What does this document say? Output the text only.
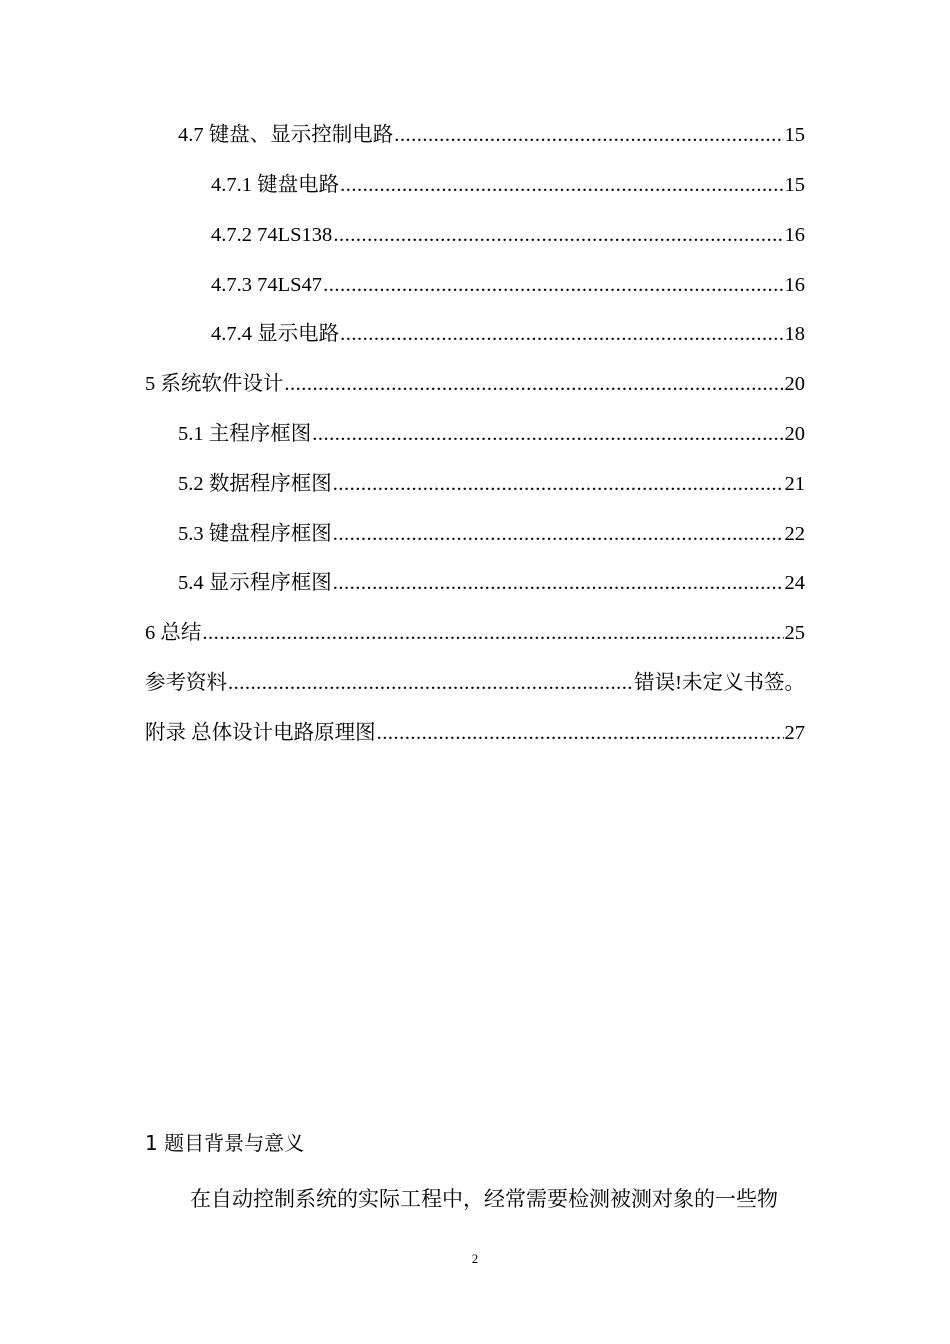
4.7 键盘、显示控制电路 .....	15
4.7.1 键盘电路 .....	15
4.7.2 74LS138 .....	16
4.7.3 74LS47 .....	16
4.7.4 显示电路 .....	18
5 系统软件设计 .....	20
5.1 主程序框图 .....	20
5.2 数据程序框图 .....	21
5.3 键盘程序框图 .....	22
5.4 显示程序框图 .....	24
6 总结 .....	25
参考资料 .....	错误!未定义书签。
附录 总体设计电路原理图 .....	27
1 题目背景与意义
在自动控制系统的实际工程中，经常需要检测被测对象的一些物
2
